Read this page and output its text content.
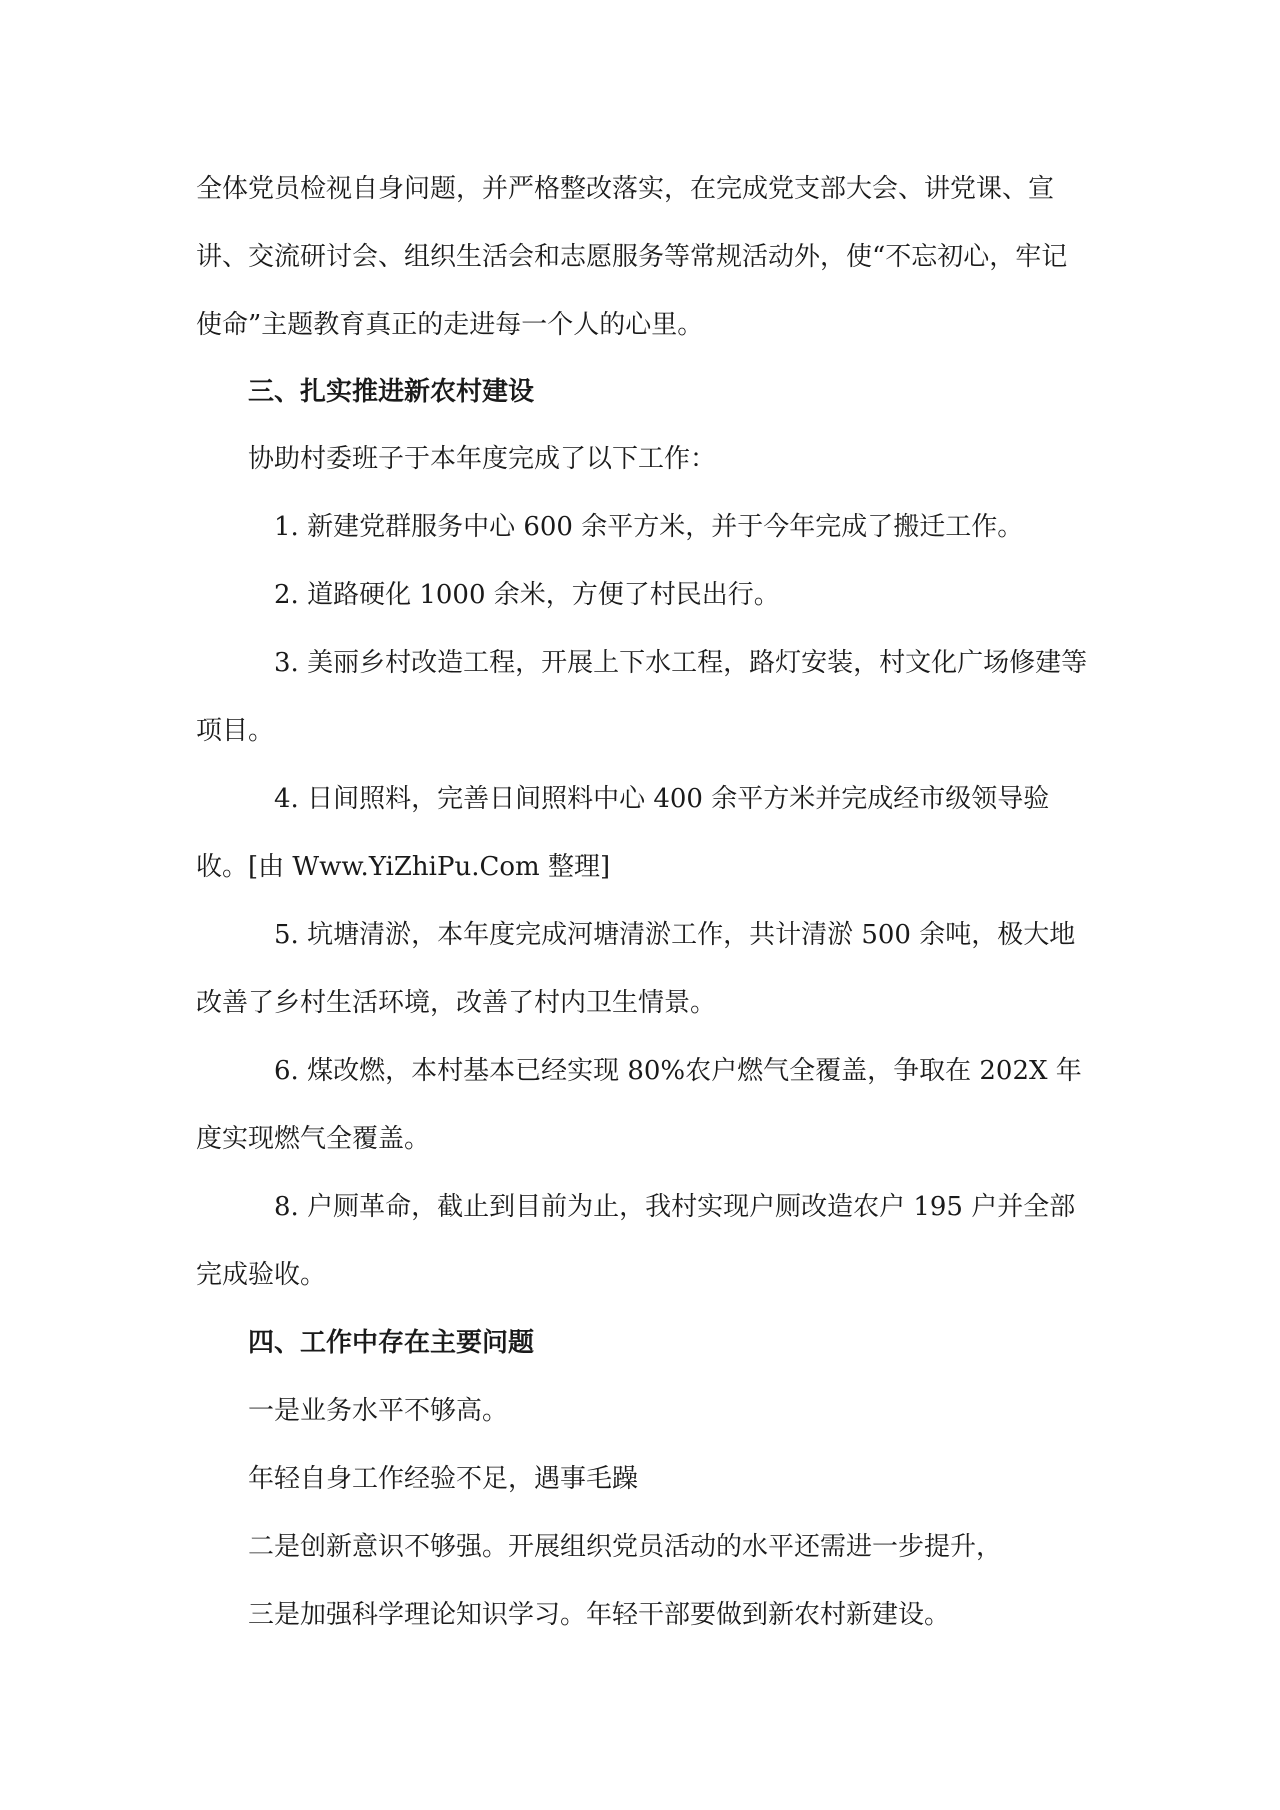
全体党员检视自身问题，并严格整改落实，在完成党支部大会、讲党课、宣

讲、交流研讨会、组织生活会和志愿服务等常规活动外，使“不忘初心，牢记

使命”主题教育真正的走进每一个人的心里。

三、扎实推进新农村建设

协助村委班子于本年度完成了以下工作：

1. 新建党群服务中心 600 余平方米，并于今年完成了搬迁工作。

2. 道路硬化 1000 余米，方便了村民出行。

3. 美丽乡村改造工程，开展上下水工程，路灯安装，村文化广场修建等

项目。

4. 日间照料，完善日间照料中心 400 余平方米并完成经市级领导验

收。[由 Www.YiZhiPu.Com 整理]

5. 坑塘清淤，本年度完成河塘清淤工作，共计清淤 500 余吨，极大地

改善了乡村生活环境，改善了村内卫生情景。

6. 煤改燃，本村基本已经实现 80%农户燃气全覆盖，争取在 202X 年

度实现燃气全覆盖。

8. 户厕革命，截止到目前为止，我村实现户厕改造农户 195 户并全部

完成验收。

四、工作中存在主要问题

一是业务水平不够高。

年轻自身工作经验不足，遇事毛躁

二是创新意识不够强。开展组织党员活动的水平还需进一步提升，

三是加强科学理论知识学习。年轻干部要做到新农村新建设。
